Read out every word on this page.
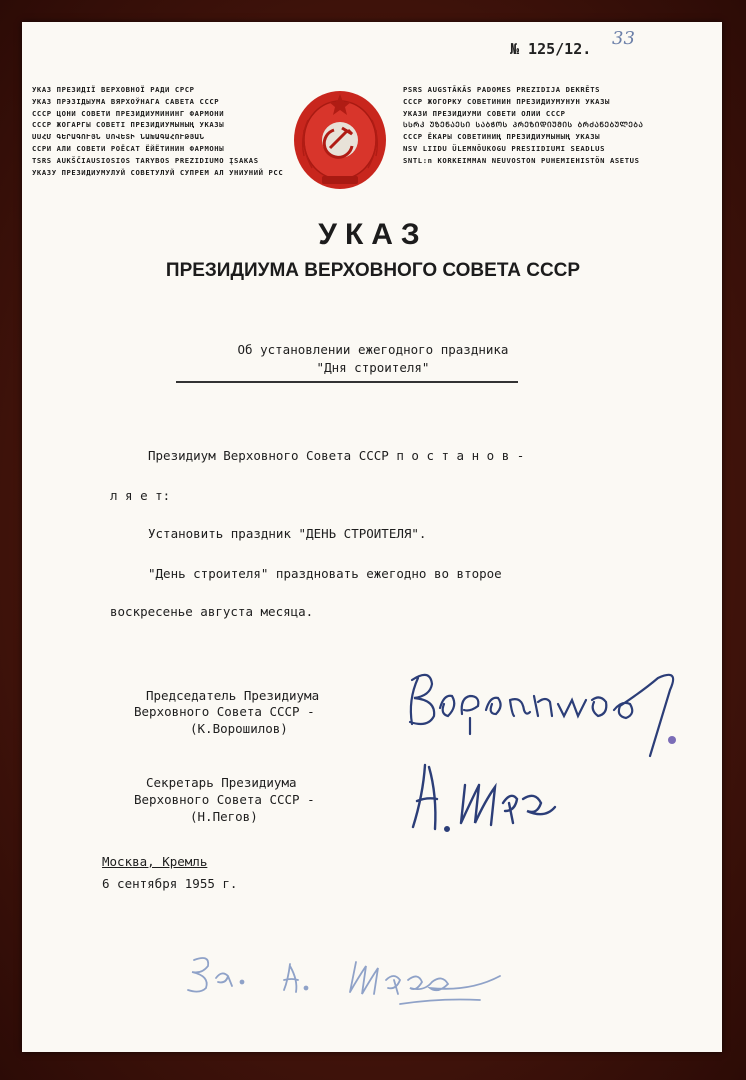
№ 125/12. 33
УКАЗ ПРЕЗИДІЇ ВЕРХОВНОЇ РАДИ СРСР
УКАЗ ПРЭЗІДЫУМА ВЯРХОЎНАГА САВЕТА СССР
СССР ЦОНИ СОВЕТИ ПРЕЗИДИУМИНИНГ ФАРМОНИ
СССР ЖОГАРГЫ СОВЕТІ ПРЕЗИДИУМЫНЫҢ УКАЗЫ
ՍՍՀՄ ԳԵՐԱԳՈՒՅՆ ՍՈՎԵՏԻ ՆԱԽԱԳԱՀՈՒԹՅԱՆ
ССРИ АЛИ СОВЕТИ РОЁСАТ ЁЙЁТИНИН ФАРМОНЫ
TSRS AUKŠČIAUSIOSIOS TARYBOS PREZIDIUMO ĮSAKAS
УКАЗУ ПРЕЗИДИУМУЛУЙ СОВЕТУЛУЙ СУПРЕМ АЛ УНИУНИЙ РСС
PSRS AUGSTĀKĀS PADOMES PREZIDIJA DEKRĒTS
СССР ЖОГОРКУ СОВЕТИНИН ПРЕЗИДИУМУНУН УКАЗЫ
УКАЗИ ПРЕЗИДИУМИ СОВЕТИ ОЛИИ СССР
ᲡᲡᲠᲙ ᲣᲖᲔᲜᲐᲔᲡᲘ ᲡᲐᲑᲭᲝᲡ ᲞᲠᲔᲖᲘᲓᲘᲣᲛᲘᲡ ᲑᲠᲫᲐᲜᲔᲑᲣᲚᲔᲑᲐ
СССР ЁКАРЫ СОВЕТИНИҢ ПРЕЗИДИУМЫНЫҢ УКАЗЫ
NSV LIIDU ÜLEMNÕUKOGU PRESIIDIUMI SEADLUS
SNTL:n KORKEIMMAN NEUVOSTON PUHEMIEHISTÖN ASETUS
УКАЗ
ПРЕЗИДИУМА ВЕРХОВНОГО СОВЕТА СССР
Об установлении ежегодного праздника
"Дня строителя"
Президиум Верховного Совета СССР п о с т а н о в -
л я е т:
Установить праздник "ДЕНЬ СТРОИТЕЛЯ".
"День строителя" праздновать ежегодно во второе
воскресенье августа месяца.
Председатель Президиума
Верховного Совета СССР -
(К.Ворошилов)
Секретарь Президиума
Верховного Совета СССР -
(Н.Пегов)
Москва, Кремль
6 сентября 1955 г.
